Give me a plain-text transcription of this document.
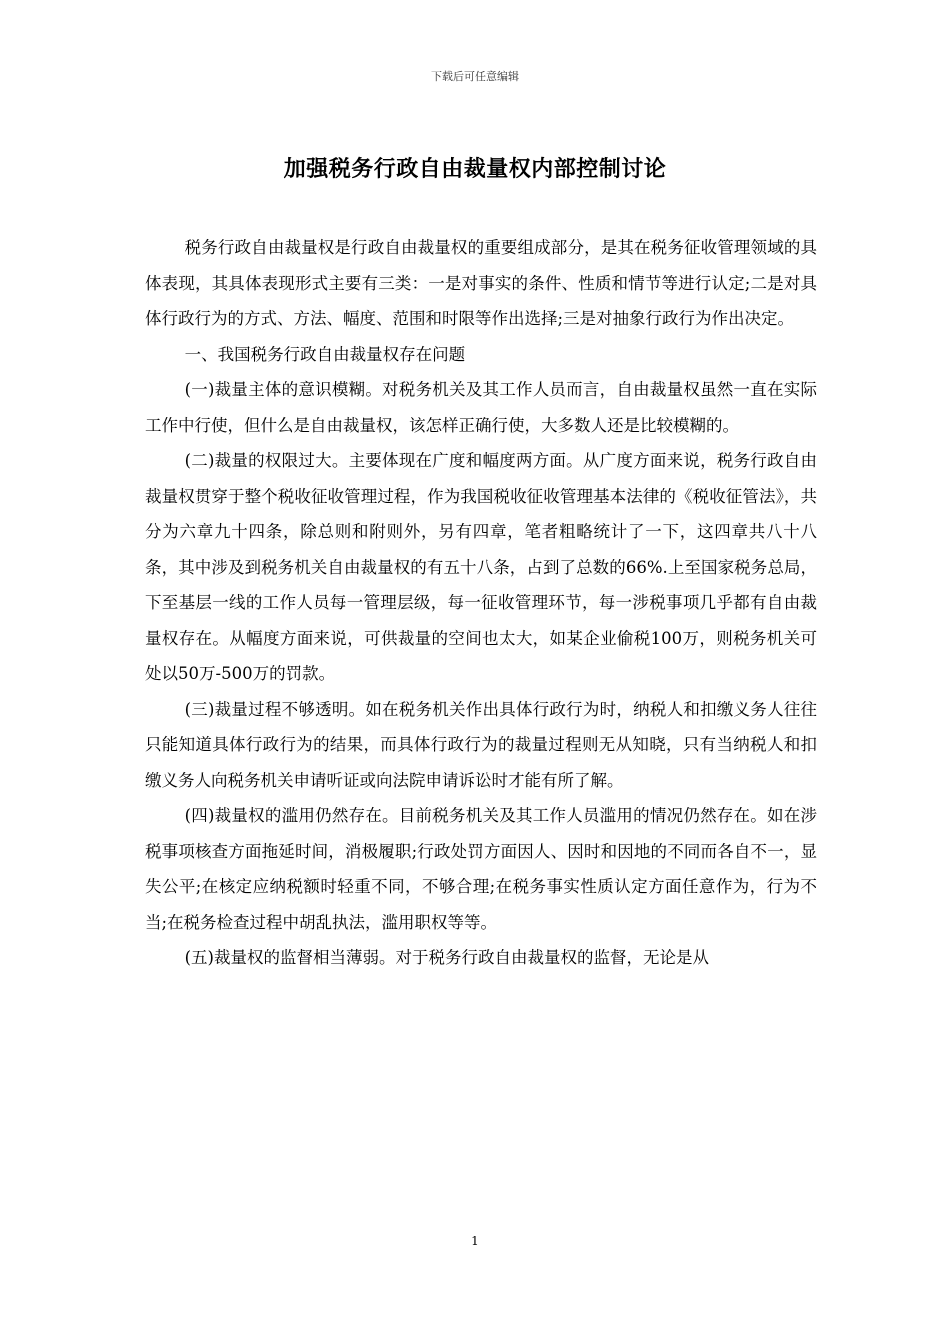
下载后可任意编辑
加强税务行政自由裁量权内部控制讨论

税务行政自由裁量权是行政自由裁量权的重要组成部分，是其在税务征收管理领域的具体表现，其具体表现形式主要有三类：一是对事实的条件、性质和情节等进行认定;二是对具体行政行为的方式、方法、幅度、范围和时限等作出选择;三是对抽象行政行为作出决定。

一、我国税务行政自由裁量权存在问题

(一)裁量主体的意识模糊。对税务机关及其工作人员而言，自由裁量权虽然一直在实际工作中行使，但什么是自由裁量权，该怎样正确行使，大多数人还是比较模糊的。

(二)裁量的权限过大。主要体现在广度和幅度两方面。从广度方面来说，税务行政自由裁量权贯穿于整个税收征收管理过程，作为我国税收征收管理基本法律的《税收征管法》，共分为六章九十四条，除总则和附则外，另有四章，笔者粗略统计了一下，这四章共八十八条，其中涉及到税务机关自由裁量权的有五十八条，占到了总数的66%.上至国家税务总局，下至基层一线的工作人员每一管理层级，每一征收管理环节，每一涉税事项几乎都有自由裁量权存在。从幅度方面来说，可供裁量的空间也太大，如某企业偷税100万，则税务机关可处以50万-500万的罚款。

(三)裁量过程不够透明。如在税务机关作出具体行政行为时，纳税人和扣缴义务人往往只能知道具体行政行为的结果，而具体行政行为的裁量过程则无从知晓，只有当纳税人和扣缴义务人向税务机关申请听证或向法院申请诉讼时才能有所了解。

(四)裁量权的滥用仍然存在。目前税务机关及其工作人员滥用的情况仍然存在。如在涉税事项核查方面拖延时间，消极履职;行政处罚方面因人、因时和因地的不同而各自不一，显失公平;在核定应纳税额时轻重不同，不够合理;在税务事实性质认定方面任意作为，行为不当;在税务检查过程中胡乱执法，滥用职权等等。

(五)裁量权的监督相当薄弱。对于税务行政自由裁量权的监督，无论是从

1
